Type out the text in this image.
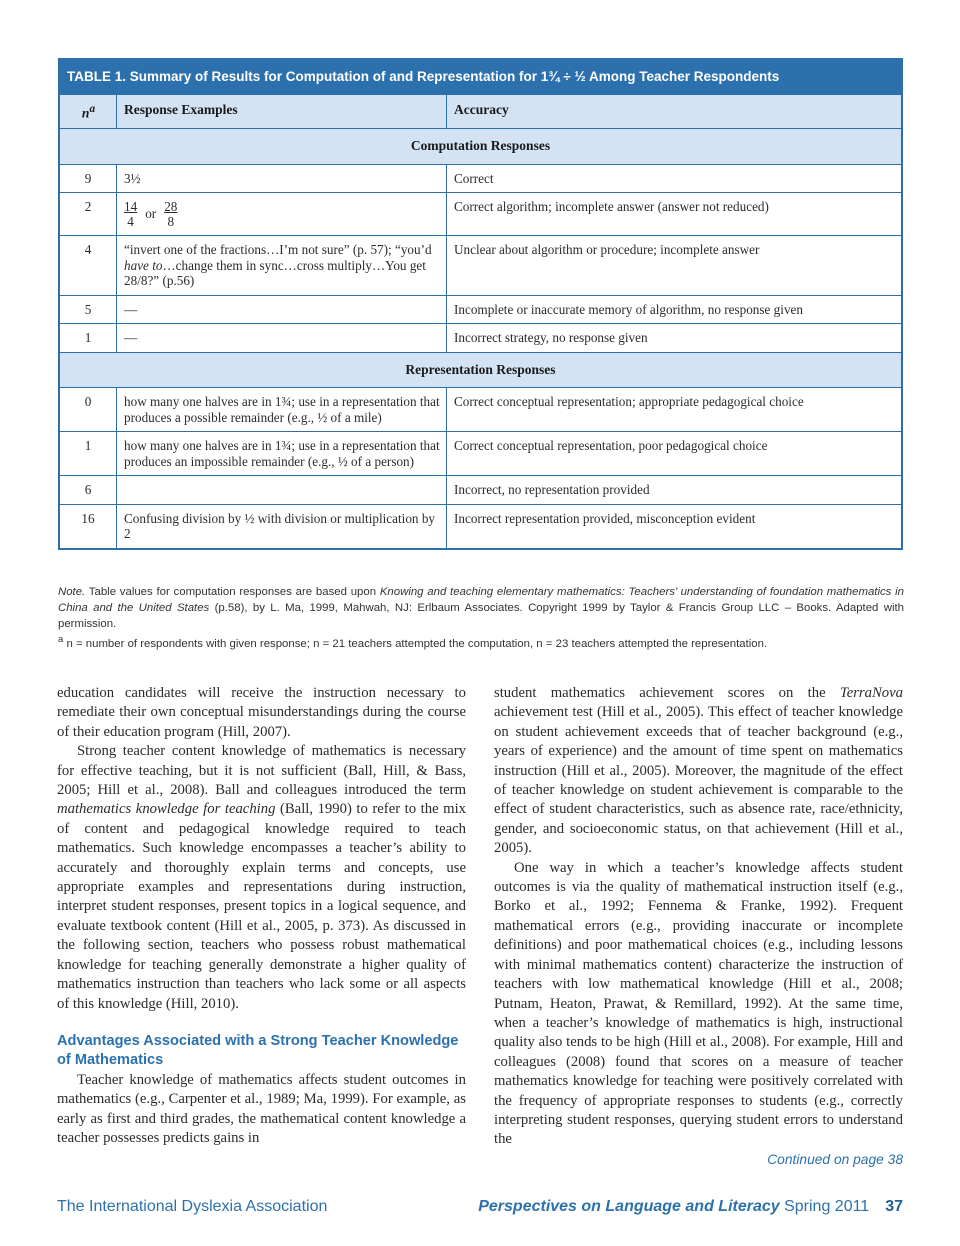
TABLE 1. Summary of Results for Computation of and Representation for 1¾ ÷ ½ Among Teacher Respondents
$n^a$	Response Examples	Accuracy
Computation Responses		
9	3½	Correct
2	$\frac{14}{4}$ or $\frac{28}{8}$	Correct algorithm; incomplete answer (answer not reduced)
4	“invert one of the fractions…I’m not sure” (p. 57); “you’d have to…change them in sync…cross multiply…You get 28/8?” (p.56)	Unclear about algorithm or procedure; incomplete answer
5	—	Incomplete or inaccurate memory of algorithm, no response given
1	—	Incorrect strategy, no response given
Representation Responses		
0	how many one halves are in 1¾; use in a representation that produces a possible remainder (e.g., ½ of a mile)	Correct conceptual representation; appropriate pedagogical choice
1	how many one halves are in 1¾; use in a representation that produces an impossible remainder (e.g., ½ of a person)	Correct conceptual representation, poor pedagogical choice
6		Incorrect, no representation provided
16	Confusing division by ½ with division or multiplication by 2	Incorrect representation provided, misconception evident

Note. Table values for computation responses are based upon Knowing and teaching elementary mathematics: Teachers’ understanding of foundation mathematics in China and the United States (p.58), by L. Ma, 1999, Mahwah, NJ: Erlbaum Associates. Copyright 1999 by Taylor & Francis Group LLC – Books. Adapted with permission.

$^a$ n = number of respondents with given response; n = 21 teachers attempted the computation, n = 23 teachers attempted the representation.

education candidates will receive the instruction necessary to remediate their own conceptual misunderstandings during the course of their education program (Hill, 2007).

Strong teacher content knowledge of mathematics is necessary for effective teaching, but it is not sufficient (Ball, Hill, & Bass, 2005; Hill et al., 2008). Ball and colleagues introduced the term mathematics knowledge for teaching (Ball, 1990) to refer to the mix of content and pedagogical knowledge required to teach mathematics. Such knowledge encompasses a teacher’s ability to accurately and thoroughly explain terms and concepts, use appropriate examples and representations during instruction, interpret student responses, present topics in a logical sequence, and evaluate textbook content (Hill et al., 2005, p. 373). As discussed in the following section, teachers who possess robust mathematical knowledge for teaching generally demonstrate a higher quality of mathematics instruction than teachers who lack some or all aspects of this knowledge (Hill, 2010).

Advantages Associated with a Strong Teacher Knowledge of Mathematics

Teacher knowledge of mathematics affects student outcomes in mathematics (e.g., Carpenter et al., 1989; Ma, 1999). For example, as early as first and third grades, the mathematical content knowledge a teacher possesses predicts gains in

student mathematics achievement scores on the TerraNova achievement test (Hill et al., 2005). This effect of teacher knowledge on student achievement exceeds that of teacher background (e.g., years of experience) and the amount of time spent on mathematics instruction (Hill et al., 2005). Moreover, the magnitude of the effect of teacher knowledge on student achievement is comparable to the effect of student characteristics, such as absence rate, race/ethnicity, gender, and socioeconomic status, on that achievement (Hill et al., 2005).

One way in which a teacher’s knowledge affects student outcomes is via the quality of mathematical instruction itself (e.g., Borko et al., 1992; Fennema & Franke, 1992). Frequent mathematical errors (e.g., providing inaccurate or incomplete definitions) and poor mathematical choices (e.g., including lessons with minimal mathematics content) characterize the instruction of teachers with low mathematical knowledge (Hill et al., 2008; Putnam, Heaton, Prawat, & Remillard, 1992). At the same time, when a teacher’s knowledge of mathematics is high, instructional quality also tends to be high (Hill et al., 2008). For example, Hill and colleagues (2008) found that scores on a measure of teacher mathematics knowledge for teaching were positively correlated with the frequency of appropriate responses to students (e.g., correctly interpreting student responses, querying student errors to understand the

Continued on page 38

The International Dyslexia Association	Perspectives on Language and Literacy Spring 2011 37
